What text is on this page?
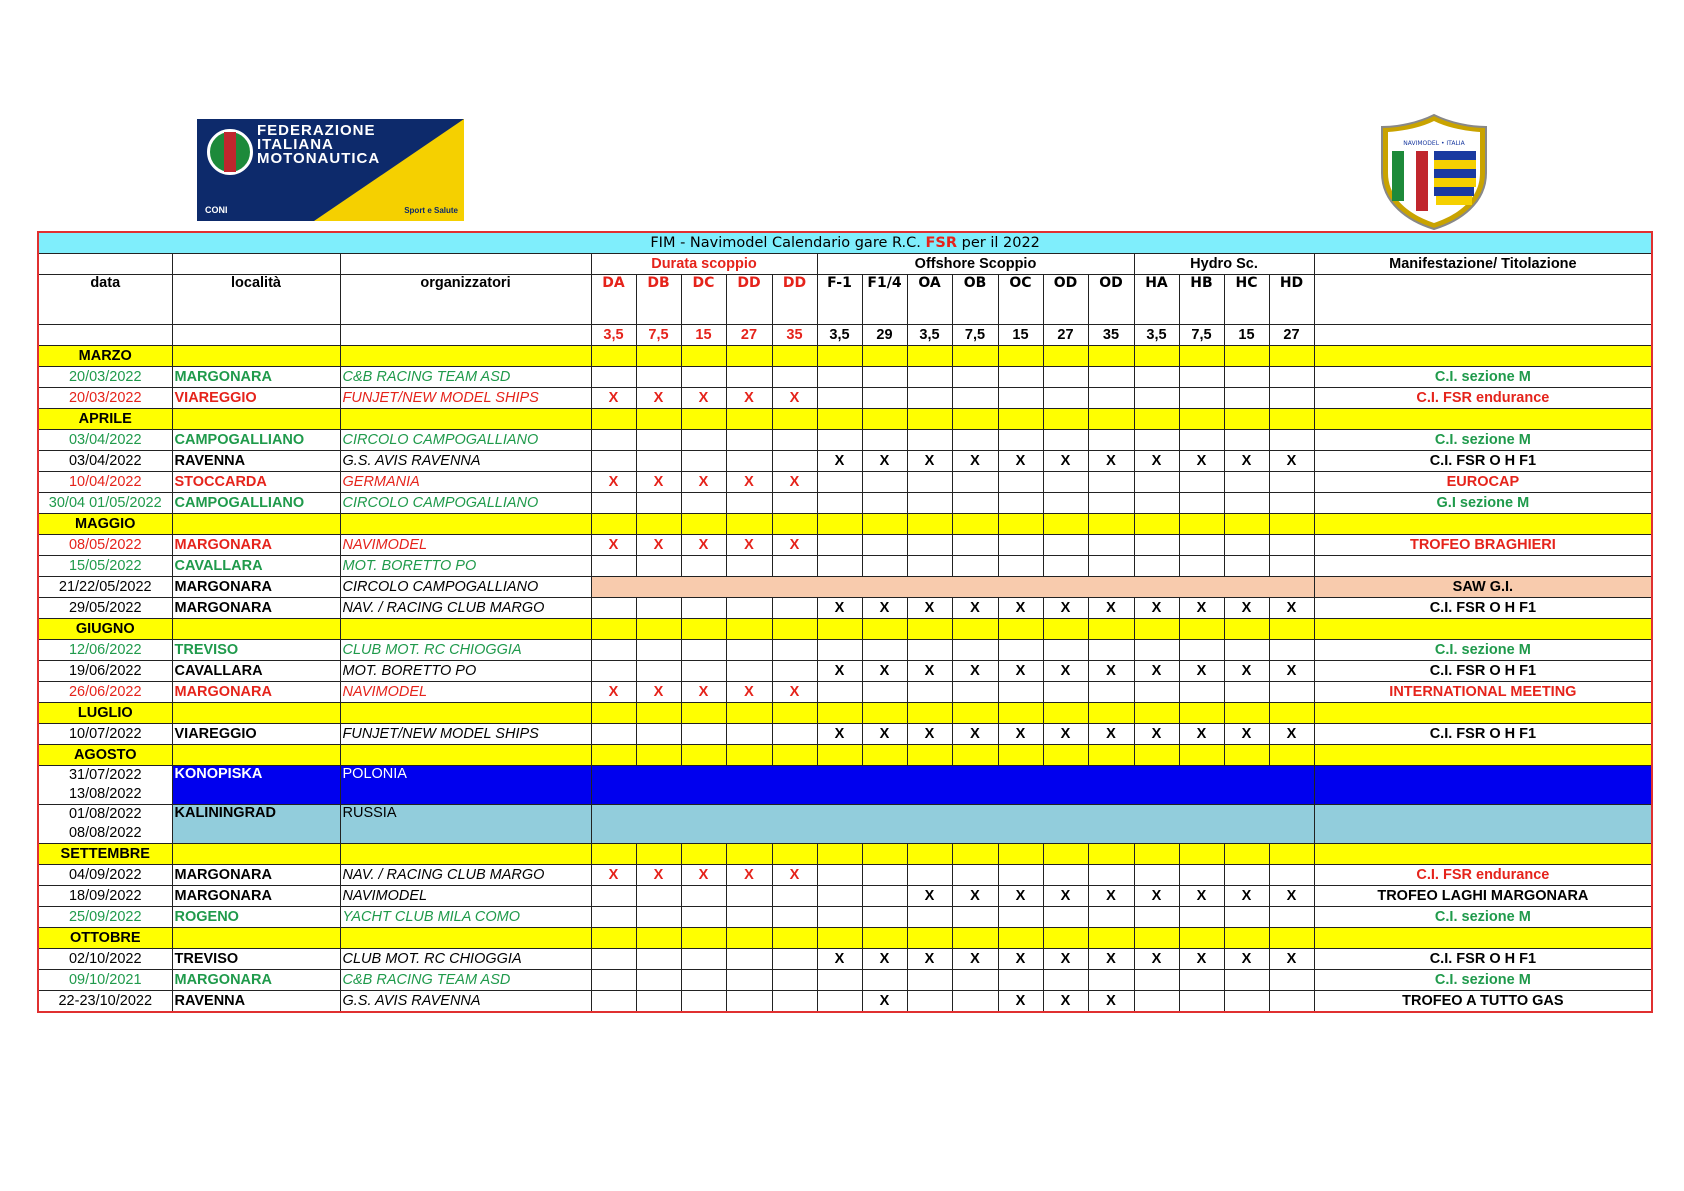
FEDERAZIONE
ITALIANA
MOTONAUTICA
CONI	Sport e Salute
NAVIMODEL • ITALIA
FIM - Navimodel Calendario gare R.C. FSR per il 2022																			
			Durata scoppio					Offshore Scoppio							Hydro Sc.				Manifestazione/ Titolazione
data	località	organizzatori	DA	DB	DC	DD	DD	F-1	F1/4	OA	OB	OC	OD	OD	HA	HB	HC	HD	
			3,5	7,5	15	27	35	3,5	29	3,5	7,5	15	27	35	3,5	7,5	15	27	
MARZO																			
20/03/2022	MARGONARA	C&B RACING TEAM ASD																	C.I. sezione M
20/03/2022	VIAREGGIO	FUNJET/NEW MODEL SHIPS	X	X	X	X	X												C.I. FSR endurance
APRILE																			
03/04/2022	CAMPOGALLIANO	CIRCOLO CAMPOGALLIANO																	C.I. sezione M
03/04/2022	RAVENNA	G.S. AVIS RAVENNA						X	X	X	X	X	X	X	X	X	X	X	C.I. FSR O H F1
10/04/2022	STOCCARDA	GERMANIA	X	X	X	X	X												EUROCAP
30/04 01/05/2022	CAMPOGALLIANO	CIRCOLO CAMPOGALLIANO																	G.I sezione M
MAGGIO																			
08/05/2022	MARGONARA	NAVIMODEL	X	X	X	X	X												TROFEO BRAGHIERI
15/05/2022	CAVALLARA	MOT. BORETTO PO																	
21/22/05/2022	MARGONARA	CIRCOLO CAMPOGALLIANO																	SAW G.I.
29/05/2022	MARGONARA	NAV. / RACING CLUB MARGO						X	X	X	X	X	X	X	X	X	X	X	C.I. FSR O H F1
GIUGNO																			
12/06/2022	TREVISO	CLUB MOT. RC CHIOGGIA																	C.I. sezione M
19/06/2022	CAVALLARA	MOT. BORETTO PO						X	X	X	X	X	X	X	X	X	X	X	C.I. FSR O H F1
26/06/2022	MARGONARA	NAVIMODEL	X	X	X	X	X												INTERNATIONAL MEETING
LUGLIO																			
10/07/2022	VIAREGGIO	FUNJET/NEW MODEL SHIPS						X	X	X	X	X	X	X	X	X	X	X	C.I. FSR O H F1
AGOSTO																			

31/07/2022
13/08/2022	KONOPISKA	POLONIA																	

01/08/2022
08/08/2022	KALININGRAD	RUSSIA																	
SETTEMBRE																			
04/09/2022	MARGONARA	NAV. / RACING CLUB MARGO	X	X	X	X	X												C.I. FSR endurance
18/09/2022	MARGONARA	NAVIMODEL								X	X	X	X	X	X	X	X	X	TROFEO LAGHI MARGONARA
25/09/2022	ROGENO	YACHT CLUB MILA COMO																	C.I. sezione M
OTTOBRE																			
02/10/2022	TREVISO	CLUB MOT. RC CHIOGGIA						X	X	X	X	X	X	X	X	X	X	X	C.I. FSR O H F1
09/10/2021	MARGONARA	C&B RACING TEAM ASD																	C.I. sezione M
22-23/10/2022	RAVENNA	G.S. AVIS RAVENNA							X			X	X	X					TROFEO A TUTTO GAS
